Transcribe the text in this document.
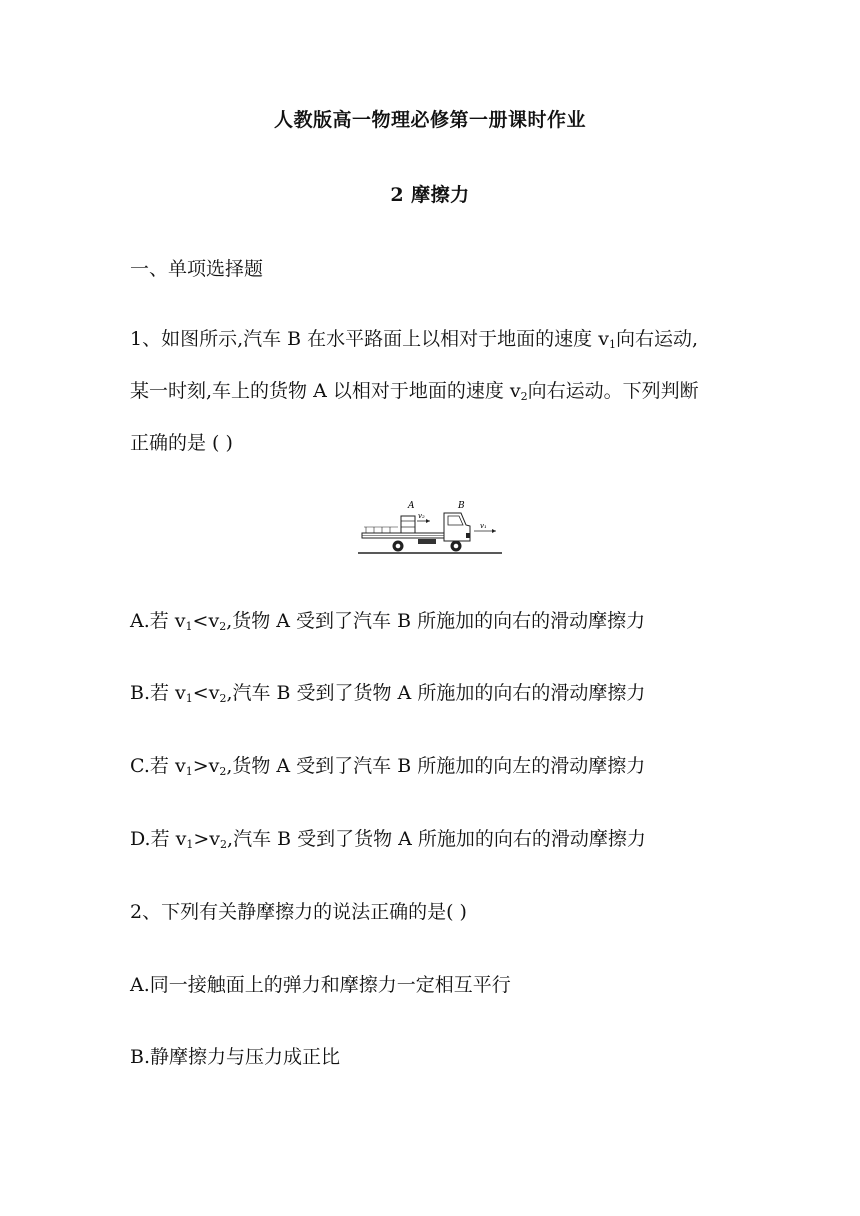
人教版高一物理必修第一册课时作业
2 摩擦力
一、单项选择题
1、如图所示,汽车 B 在水平路面上以相对于地面的速度 $v_1$向右运动,
某一时刻,车上的货物 A 以相对于地面的速度 $v_2$向右运动。下列判断
正确的是 ( )
A	B
v₂
v₁
A.若 $v_1<v_2$,货物 A 受到了汽车 B 所施加的向右的滑动摩擦力
B.若 $v_1<v_2$,汽车 B 受到了货物 A 所施加的向右的滑动摩擦力
C.若 $v_1>v_2$,货物 A 受到了汽车 B 所施加的向左的滑动摩擦力
D.若 $v_1>v_2$,汽车 B 受到了货物 A 所施加的向右的滑动摩擦力
2、下列有关静摩擦力的说法正确的是( )
A.同一接触面上的弹力和摩擦力一定相互平行
B.静摩擦力与压力成正比
